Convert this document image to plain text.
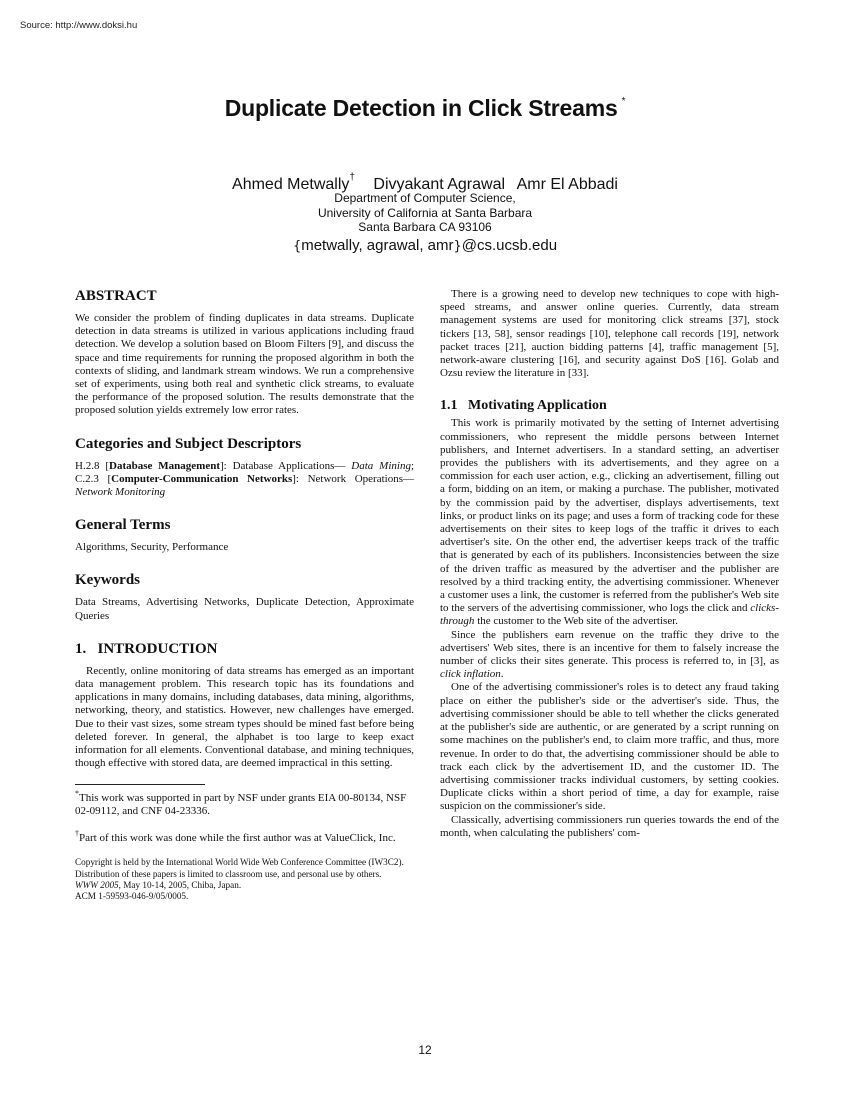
Source: http://www.doksi.hu
Duplicate Detection in Click Streams *
Ahmed Metwally† Divyakant Agrawal Amr El Abbadi
Department of Computer Science,
University of California at Santa Barbara
Santa Barbara CA 93106
{metwally, agrawal, amr}@cs.ucsb.edu
ABSTRACT

We consider the problem of finding duplicates in data streams. Duplicate detection in data streams is utilized in various applications including fraud detection. We develop a solution based on Bloom Filters [9], and discuss the space and time requirements for running the proposed algorithm in both the contexts of sliding, and landmark stream windows. We run a comprehensive set of experiments, using both real and synthetic click streams, to evaluate the performance of the proposed solution. The results demonstrate that the proposed solution yields extremely low error rates.

Categories and Subject Descriptors

H.2.8 [Database Management]: Database Applications— Data Mining; C.2.3 [Computer-Communication Networks]: Network Operations—Network Monitoring

General Terms

Algorithms, Security, Performance

Keywords

Data Streams, Advertising Networks, Duplicate Detection, Approximate Queries

1.   INTRODUCTION

Recently, online monitoring of data streams has emerged as an important data management problem. This research topic has its foundations and applications in many domains, including databases, data mining, algorithms, networking, theory, and statistics. However, new challenges have emerged. Due to their vast sizes, some stream types should be mined fast before being deleted forever. In general, the alphabet is too large to keep exact information for all elements. Conventional database, and mining techniques, though effective with stored data, are deemed impractical in this setting.

*This work was supported in part by NSF under grants EIA 00-80134, NSF 02-09112, and CNF 04-23336.
†Part of this work was done while the first author was at ValueClick, Inc.
Copyright is held by the International World Wide Web Conference Committee (IW3C2). Distribution of these papers is limited to classroom use, and personal use by others.
WWW 2005, May 10-14, 2005, Chiba, Japan.
ACM 1-59593-046-9/05/0005.

There is a growing need to develop new techniques to cope with high-speed streams, and answer online queries. Currently, data stream management systems are used for monitoring click streams [37], stock tickers [13, 58], sensor readings [10], telephone call records [19], network packet traces [21], auction bidding patterns [4], traffic management [5], network-aware clustering [16], and security against DoS [16]. Golab and Ozsu review the literature in [33].

1.1   Motivating Application

This work is primarily motivated by the setting of Internet advertising commissioners, who represent the middle persons between Internet publishers, and Internet advertisers. In a standard setting, an advertiser provides the publishers with its advertisements, and they agree on a commission for each user action, e.g., clicking an advertisement, filling out a form, bidding on an item, or making a purchase. The publisher, motivated by the commission paid by the advertiser, displays advertisements, text links, or product links on its page; and uses a form of tracking code for these advertisements on their sites to keep logs of the traffic it drives to each advertiser's site. On the other end, the advertiser keeps track of the traffic that is generated by each of its publishers. Inconsistencies between the size of the driven traffic as measured by the advertiser and the publisher are resolved by a third tracking entity, the advertising commissioner. Whenever a customer uses a link, the customer is referred from the publisher's Web site to the servers of the advertising commissioner, who logs the click and clicks-through the customer to the Web site of the advertiser.

Since the publishers earn revenue on the traffic they drive to the advertisers' Web sites, there is an incentive for them to falsely increase the number of clicks their sites generate. This process is referred to, in [3], as click inflation.

One of the advertising commissioner's roles is to detect any fraud taking place on either the publisher's side or the advertiser's side. Thus, the advertising commissioner should be able to tell whether the clicks generated at the publisher's side are authentic, or are generated by a script running on some machines on the publisher's end, to claim more traffic, and thus, more revenue. In order to do that, the advertising commissioner should be able to track each click by the advertisement ID, and the customer ID. The advertising commissioner tracks individual customers, by setting cookies. Duplicate clicks within a short period of time, a day for example, raise suspicion on the commissioner's side.

Classically, advertising commissioners run queries towards the end of the month, when calculating the publishers' com-

12
